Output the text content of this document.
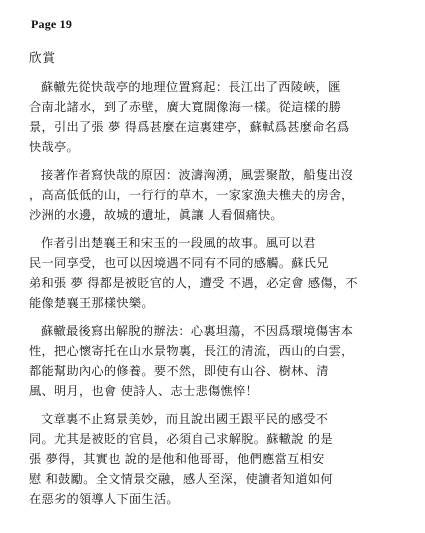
Page 19
欣賞
蘇轍先從快哉亭的地理位置寫起：長江出了西陵峽，匯
合南北諸水，到了赤壁，廣大寬闊像海一樣。從這樣的勝
景，引出了張 夢 得爲甚麼在這裏建亭，蘇軾爲甚麼命名爲
快哉亭。
接著作者寫快哉的原因：波濤洶湧，風雲聚散，船隻出沒
，高高低低的山，一行行的草木，一家家漁夫樵夫的房舍，
沙洲的水邊，故城的遺址，眞讓 人看個痛快。
作者引出楚襄王和宋玉的一段風的故事。風可以君
民一同享受，也可以因境遇不同有不同的感觸。蘇氏兄
弟和張 夢 得都是被貶官的人，遭受 不遇，必定會 感傷，不
能像楚襄王那樣快樂。
蘇轍最後寫出解脫的辦法：心裏坦蕩，不因爲環境傷害本
性，把心懷寄托在山水景物裏，長江的清流，西山的白雲，
都能幫助內心的修養。要不然，即使有山谷、樹林、清
風、明月，也會 使詩人、志士悲傷憔悴！
文章裏不止寫景美妙，而且說出國王跟平民的感受不
同。尤其是被貶的官員，必須自己求解脫。蘇轍說 的是
張 夢得，其實也 說的是他和他哥哥，他們應當互相安
慰 和鼓勵。全文情景交融，感人至深，使讀者知道如何
在惡劣的領導人下面生活。
